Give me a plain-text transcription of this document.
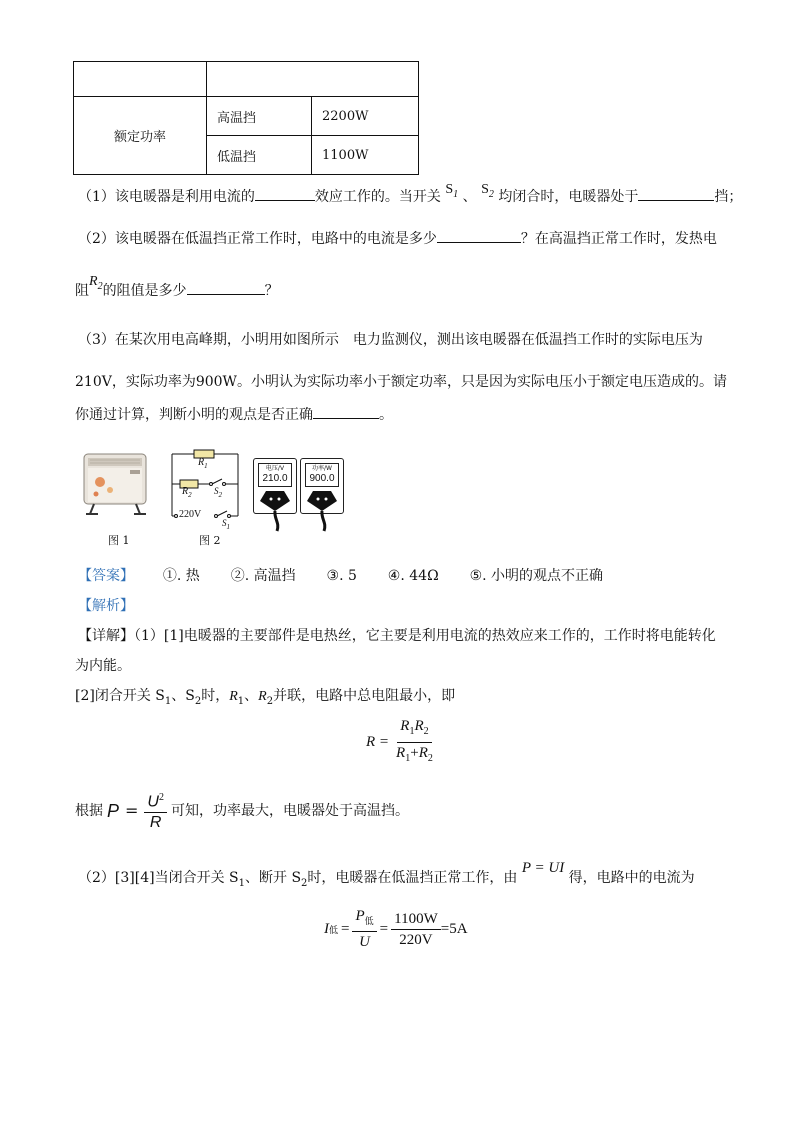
额定功率	高温挡	2200W
	低温挡	1100W
（1）该电暖器是利用电流的	效应工作的。当开关 $S_1$ 、 $S_2$ 均闭合时，电暖器处于	挡；
（2）该电暖器在低温挡正常工作时，电路中的电流是多少	？在高温挡正常工作时，发热电
阻$R_2$的阻值是多少	？
（3）在某次用电高峰期，小明用如图所示　电力监测仪，测出该电暖器在低温挡工作时的实际电压为
210V，实际功率为900W。小明认为实际功率小于额定功率，只是因为实际电压小于额定电压造成的。请
你通过计算，判断小明的观点是否正确	。
图 1
$R_1$
$R_2$ $S_2$
220V
$S_1$
图 2
电压/V
210.0
功率/W
900.0
【答案】 ①. 热 ②. 高温挡 ③. 5 ④. 44Ω ⑤. 小明的观点不正确
【解析】
【详解】（1）[1]电暖器的主要部件是电热丝，它主要是利用电流的热效应来工作的，工作时将电能转化
为内能。
[2]闭合开关 $S_1$、$S_2$时，$R_1$、$R_2$并联，电路中总电阻最小，即
$R = \frac{R_1R_2}{R_1+R_2}$
根据 $P = \frac{U^2}{R}$ 可知，功率最大，电暖器处于高温挡。
（2）[3][4]当闭合开关 $S_1$、断开 $S_2$时，电暖器在低温挡正常工作，由 P = UI 得，电路中的电流为
I 低 = $\frac{P_低}{U} = \frac{1100W}{220V} =5A$
